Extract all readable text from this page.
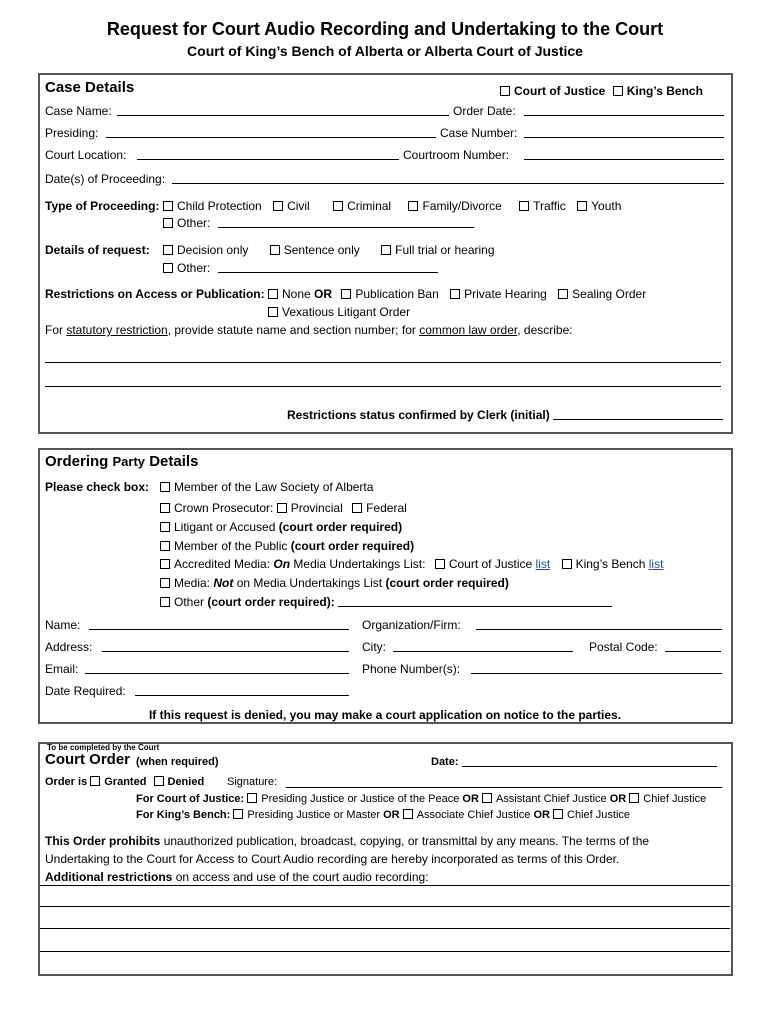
Request for Court Audio Recording and Undertaking to the Court
Court of King’s Bench of Alberta or Alberta Court of Justice
Case Details	Court of Justice King’s Bench
Case Name:	Order Date:
Presiding:	Case Number:
Court Location:	Courtroom Number:
Date(s) of Proceeding:
Type of Proceeding:	Child Protection Civil	Criminal	Family/Divorce	Traffic Youth
Other:
Details of request:	Decision only	Sentence only	Full trial or hearing
Other:
Restrictions on Access or Publication:	None OR Publication Ban Private Hearing Sealing Order
Vexatious Litigant Order
For statutory restriction, provide statute name and section number; for common law order, describe:
Restrictions status confirmed by Clerk (initial)
Ordering Party Details
Please check box:	Member of the Law Society of Alberta
Crown Prosecutor: Provincial Federal
Litigant or Accused (court order required)
Member of the Public (court order required)
Accredited Media: On Media Undertakings List: Court of Justice list King’s Bench list
Media: Not on Media Undertakings List (court order required)
Other (court order required):
Name:	Organization/Firm:
Address:	City:	Postal Code:
Email:	Phone Number(s):
Date Required:
If this request is denied, you may make a court application on notice to the parties.
To be completed by the Court
Court Order (when required)	Date:
Order is Granted Denied Signature:
For Court of Justice: Presiding Justice or Justice of the Peace OR Assistant Chief Justice OR Chief Justice
For King’s Bench: Presiding Justice or Master OR Associate Chief Justice OR Chief Justice
This Order prohibits unauthorized publication, broadcast, copying, or transmittal by any means. The terms of the
Undertaking to the Court for Access to Court Audio recording are hereby incorporated as terms of this Order.
Additional restrictions on access and use of the court audio recording:
